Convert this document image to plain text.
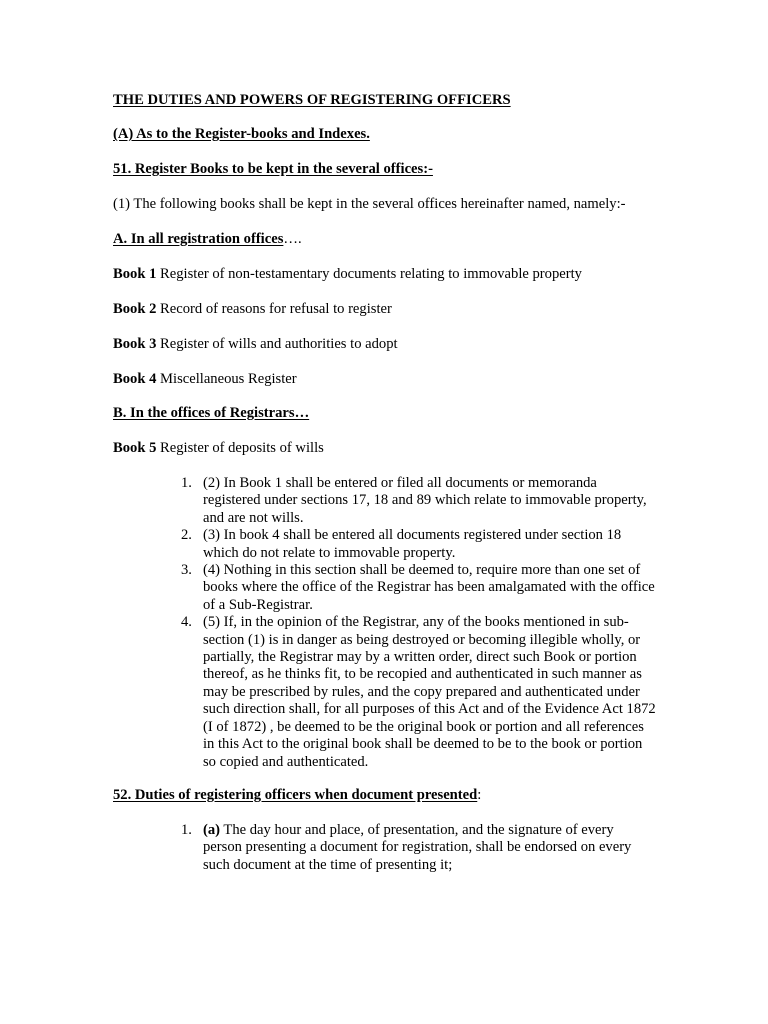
THE DUTIES AND POWERS OF REGISTERING OFFICERS
(A) As to the Register-books and Indexes.
51. Register Books to be kept in the several offices:-
(1) The following books shall be kept in the several offices hereinafter named, namely:-
A. In all registration offices….
Book 1 Register of non-testamentary documents relating to immovable property
Book 2 Record of reasons for refusal to register
Book 3 Register of wills and authorities to adopt
Book 4 Miscellaneous Register
B. In the offices of Registrars…
Book 5 Register of deposits of wills
1. (2) In Book 1 shall be entered or filed all documents or memoranda registered under sections 17, 18 and 89 which relate to immovable property, and are not wills.
2. (3) In book 4 shall be entered all documents registered under section 18 which do not relate to immovable property.
3. (4) Nothing in this section shall be deemed to, require more than one set of books where the office of the Registrar has been amalgamated with the office of a Sub-Registrar.
4. (5) If, in the opinion of the Registrar, any of the books mentioned in sub-section (1) is in danger as being destroyed or becoming illegible wholly, or partially, the Registrar may by a written order, direct such Book or portion thereof, as he thinks fit, to be recopied and authenticated in such manner as may be prescribed by rules, and the copy prepared and authenticated under such direction shall, for all purposes of this Act and of the Evidence Act 1872 (I of 1872) , be deemed to be the original book or portion and all references in this Act to the original book shall be deemed to be to the book or portion so copied and authenticated.
52. Duties of registering officers when document presented:
1. (a) The day hour and place, of presentation, and the signature of every person presenting a document for registration, shall be endorsed on every such document at the time of presenting it;
